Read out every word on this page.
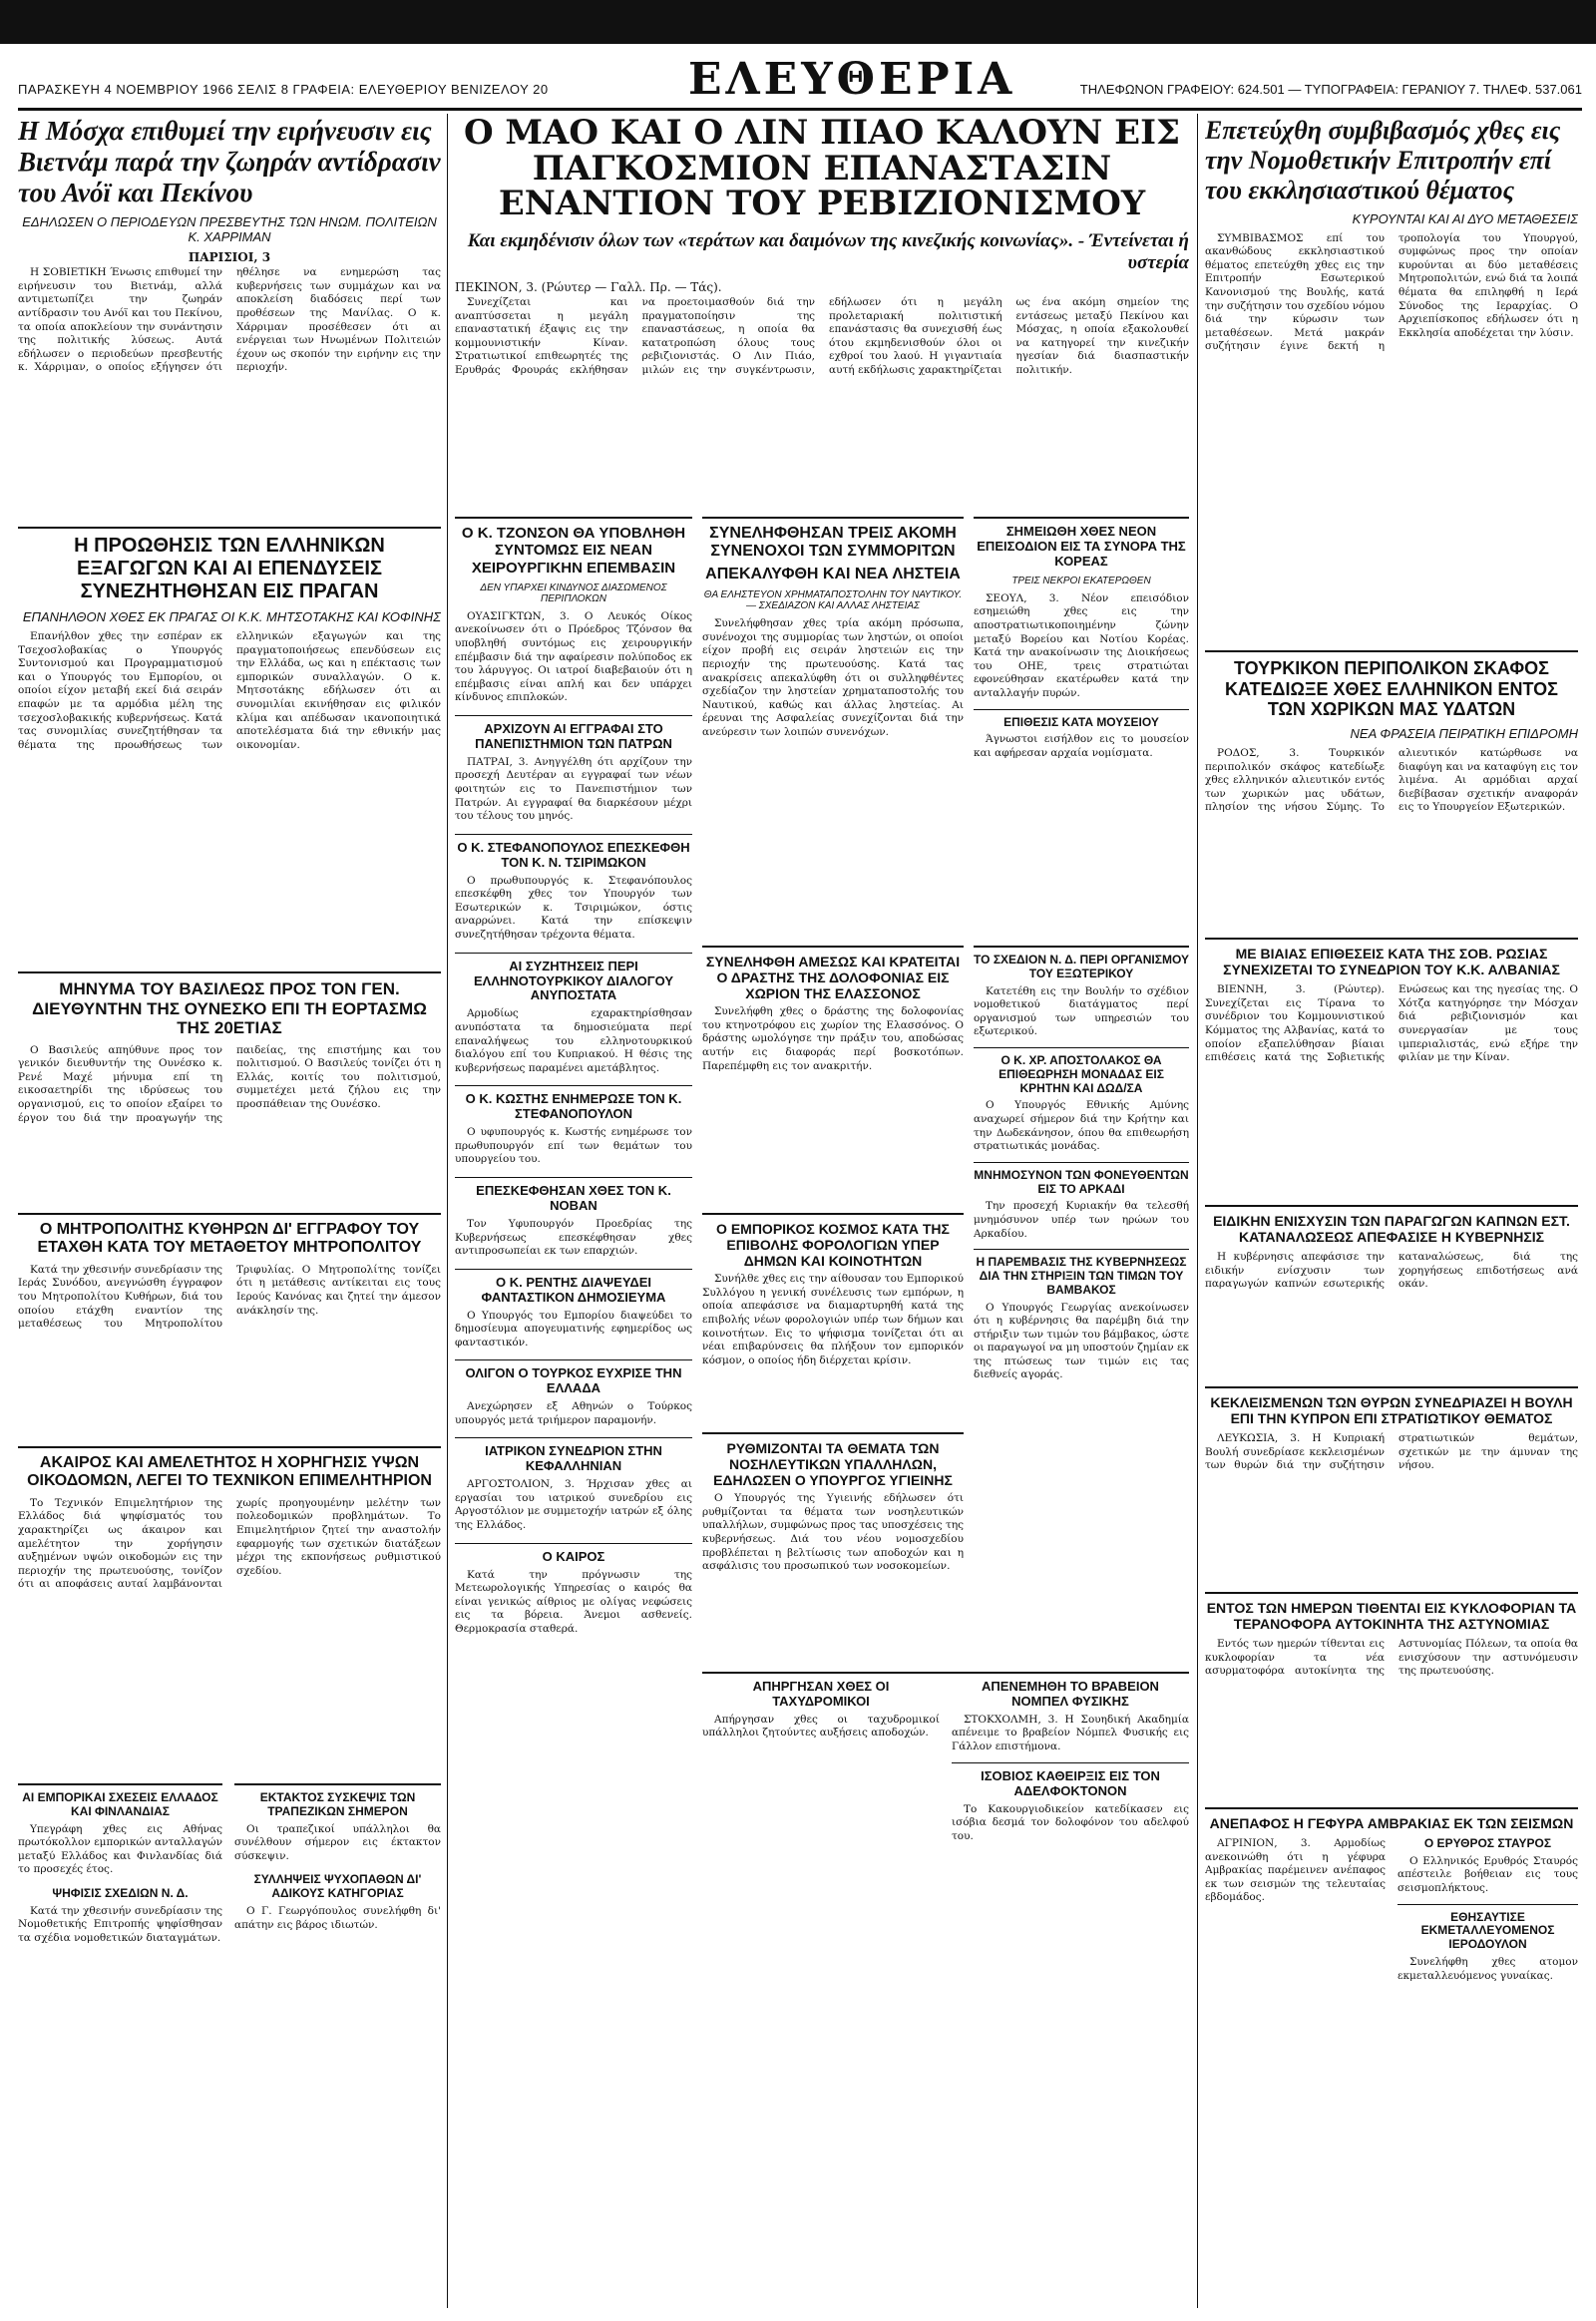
ΠΑΡΑΣΚΕΥΗ 4 ΝΟΕΜΒΡΙΟΥ 1966 ΣΕΛΙΣ 8 ΓΡΑΦΕΙΑ: ΕΛΕΥΘΕΡΙΟΥ ΒΕΝΙΖΕΛΟΥ 20	ΕΛΕΥΘΕΡΙΑ	ΤΗΛΕΦΩΝΟΝ ΓΡΑΦΕΙΟΥ: 624.501 — ΤΥΠΟΓΡΑΦΕΙΑ: ΓΕΡΑΝΙΟΥ 7. ΤΗΛΕΦ. 537.061
Η Μόσχα επιθυμεί την ειρήνευσιν εις Βιετνάμ παρά την ζωηράν αντίδρασιν του Ανόϊ και Πεκίνου
ΕΔΗΛΩΣΕΝ Ο ΠΕΡΙΟΔΕΥΩΝ ΠΡΕΣΒΕΥΤΗΣ ΤΩΝ ΗΝΩΜ. ΠΟΛΙΤΕΙΩΝ Κ. ΧΑΡΡΙΜΑΝ
ΠΑΡΙΣΙΟΙ, 3

Η ΣΟΒΙΕΤΙΚΗ Ένωσις επιθυμεί την ειρήνευσιν του Βιετνάμ, αλλά αντιμετωπίζει την ζωηράν αντίδρασιν του Ανόϊ και του Πεκίνου, τα οποία αποκλείουν την συνάντησιν της πολιτικής λύσεως. Αυτά εδήλωσεν ο περιοδεύων πρεσβευτής κ. Χάρριμαν, ο οποίος εξήγησεν ότι ηθέλησε να ενημερώση τας κυβερνήσεις των συμμάχων και να αποκλείση διαδόσεις περί των προθέσεων της Μανίλας. Ο κ. Χάρριμαν προσέθεσεν ότι αι ενέργειαι των Ηνωμένων Πολιτειών έχουν ως σκοπόν την ειρήνην εις την περιοχήν.

Η ΠΡΟΩΘΗΣΙΣ ΤΩΝ ΕΛΛΗΝΙΚΩΝ ΕΞΑΓΩΓΩΝ ΚΑΙ ΑΙ ΕΠΕΝΔΥΣΕΙΣ ΣΥΝΕΖΗΤΗΘΗΣΑΝ ΕΙΣ ΠΡΑΓΑΝ
ΕΠΑΝΗΛΘΟΝ ΧΘΕΣ ΕΚ ΠΡΑΓΑΣ ΟΙ Κ.Κ. ΜΗΤΣΟΤΑΚΗΣ ΚΑΙ ΚΟΦΙΝΗΣ

Επανήλθον χθες την εσπέραν εκ Τσεχοσλοβακίας ο Υπουργός Συντονισμού και Προγραμματισμού και ο Υπουργός του Εμπορίου, οι οποίοι είχον μεταβή εκεί διά σειράν επαφών με τα αρμόδια μέλη της τσεχοσλοβακικής κυβερνήσεως. Κατά τας συνομιλίας συνεζητήθησαν τα θέματα της προωθήσεως των ελληνικών εξαγωγών και της πραγματοποιήσεως επενδύσεων εις την Ελλάδα, ως και η επέκτασις των εμπορικών συναλλαγών. Ο κ. Μητσοτάκης εδήλωσεν ότι αι συνομιλίαι εκινήθησαν εις φιλικόν κλίμα και απέδωσαν ικανοποιητικά αποτελέσματα διά την εθνικήν μας οικονομίαν.

ΜΗΝΥΜΑ ΤΟΥ ΒΑΣΙΛΕΩΣ ΠΡΟΣ ΤΟΝ ΓΕΝ. ΔΙΕΥΘΥΝΤΗΝ ΤΗΣ ΟΥΝΕΣΚΟ ΕΠΙ ΤΗ ΕΟΡΤΑΣΜΩ ΤΗΣ 20ΕΤΙΑΣ

Ο Βασιλεύς απηύθυνε προς τον γενικόν διευθυντήν της Ουνέσκο κ. Ρενέ Μαχέ μήνυμα επί τη εικοσαετηρίδι της ιδρύσεως του οργανισμού, εις το οποίον εξαίρει το έργον του διά την προαγωγήν της παιδείας, της επιστήμης και του πολιτισμού. Ο Βασιλεύς τονίζει ότι η Ελλάς, κοιτίς του πολιτισμού, συμμετέχει μετά ζήλου εις την προσπάθειαν της Ουνέσκο.

Ο ΜΗΤΡΟΠΟΛΙΤΗΣ ΚΥΘΗΡΩΝ ΔΙ' ΕΓΓΡΑΦΟΥ ΤΟΥ ΕΤΑΧΘΗ ΚΑΤΑ ΤΟΥ ΜΕΤΑΘΕΤΟΥ ΜΗΤΡΟΠΟΛΙΤΟΥ

Κατά την χθεσινήν συνεδρίασιν της Ιεράς Συνόδου, ανεγνώσθη έγγραφον του Μητροπολίτου Κυθήρων, διά του οποίου ετάχθη εναντίον της μεταθέσεως του Μητροπολίτου Τριφυλίας. Ο Μητροπολίτης τονίζει ότι η μετάθεσις αντίκειται εις τους Ιερούς Κανόνας και ζητεί την άμεσον ανάκλησίν της.

ΑΚΑΙΡΟΣ ΚΑΙ ΑΜΕΛΕΤΗΤΟΣ Η ΧΟΡΗΓΗΣΙΣ ΥΨΩΝ ΟΙΚΟΔΟΜΩΝ, ΛΕΓΕΙ ΤΟ ΤΕΧΝΙΚΟΝ ΕΠΙΜΕΛΗΤΗΡΙΟΝ

Το Τεχνικόν Επιμελητήριον της Ελλάδος διά ψηφίσματός του χαρακτηρίζει ως άκαιρον και αμελέτητον την χορήγησιν αυξημένων υψών οικοδομών εις την περιοχήν της πρωτευούσης, τονίζον ότι αι αποφάσεις αυταί λαμβάνονται χωρίς προηγουμένην μελέτην των πολεοδομικών προβλημάτων. Το Επιμελητήριον ζητεί την αναστολήν εφαρμογής των σχετικών διατάξεων μέχρι της εκπονήσεως ρυθμιστικού σχεδίου.

ΑΙ ΕΜΠΟΡΙΚΑΙ ΣΧΕΣΕΙΣ ΕΛΛΑΔΟΣ ΚΑΙ ΦΙΝΛΑΝΔΙΑΣ

Υπεγράφη χθες εις Αθήνας πρωτόκολλον εμπορικών ανταλλαγών μεταξύ Ελλάδος και Φινλανδίας διά το προσεχές έτος.

ΨΗΦΙΣΙΣ ΣΧΕΔΙΩΝ Ν. Δ.

Κατά την χθεσινήν συνεδρίασιν της Νομοθετικής Επιτροπής ψηφίσθησαν τα σχέδια νομοθετικών διαταγμάτων.

ΕΚΤΑΚΤΟΣ ΣΥΣΚΕΨΙΣ ΤΩΝ ΤΡΑΠΕΖΙΚΩΝ ΣΗΜΕΡΟΝ

Οι τραπεζικοί υπάλληλοι θα συνέλθουν σήμερον εις έκτακτον σύσκεψιν.

ΣΥΛΛΗΨΕΙΣ ΨΥΧΟΠΑΘΩΝ ΔΙ' ΑΔΙΚΟΥΣ ΚΑΤΗΓΟΡΙΑΣ

Ο Γ. Γεωργόπουλος συνελήφθη δι' απάτην εις βάρος ιδιωτών.

Ο ΜΑΟ ΚΑΙ Ο ΛΙΝ ΠΙΑΟ ΚΑΛΟΥΝ ΕΙΣ ΠΑΓΚΟΣΜΙΟΝ ΕΠΑΝΑΣΤΑΣΙΝ ΕΝΑΝΤΙΟΝ ΤΟΥ ΡΕΒΙΖΙΟΝΙΣΜΟΥ
Και εκμηδένισιν όλων των «τεράτων και δαιμόνων της κινεζικής κοινωνίας». - Έντείνεται ή υστερία
ΠΕΚΙΝΟΝ, 3. (Ρώυτερ — Γαλλ. Πρ. — Τάς).

Συνεχίζεται και αναπτύσσεται η μεγάλη επαναστατική έξαψις εις την κομμουνιστικήν Κίναν. Στρατιωτικοί επιθεωρητές της Ερυθράς Φρουράς εκλήθησαν να προετοιμασθούν διά την πραγματοποίησιν της επαναστάσεως, η οποία θα κατατροπώση όλους τους ρεβιζιονιστάς. Ο Λιν Πιάο, μιλών εις την συγκέντρωσιν, εδήλωσεν ότι η μεγάλη προλεταριακή πολιτιστική επανάστασις θα συνεχισθή έως ότου εκμηδενισθούν όλοι οι εχθροί του λαού. Η γιγαντιαία αυτή εκδήλωσις χαρακτηρίζεται ως ένα ακόμη σημείον της εντάσεως μεταξύ Πεκίνου και Μόσχας, η οποία εξακολουθεί να κατηγορεί την κινεζικήν ηγεσίαν διά διασπαστικήν πολιτικήν.

Ο Κ. ΤΖΟΝΣΟΝ ΘΑ ΥΠΟΒΛΗΘΗ ΣΥΝΤΟΜΩΣ ΕΙΣ ΝΕΑΝ ΧΕΙΡΟΥΡΓΙΚΗΝ ΕΠΕΜΒΑΣΙΝ
ΔΕΝ ΥΠΑΡΧΕΙ ΚΙΝΔΥΝΟΣ ΔΙΑΣΩΜΕΝΟΣ ΠΕΡΙΠΛΟΚΩΝ

ΟΥΑΣΙΓΚΤΩΝ, 3. Ο Λευκός Οίκος ανεκοίνωσεν ότι ο Πρόεδρος Τζόνσον θα υποβληθή συντόμως εις χειρουργικήν επέμβασιν διά την αφαίρεσιν πολύποδος εκ του λάρυγγος. Οι ιατροί διαβεβαιούν ότι η επέμβασις είναι απλή και δεν υπάρχει κίνδυνος επιπλοκών.

ΑΡΧΙΖΟΥΝ ΑΙ ΕΓΓΡΑΦΑΙ ΣΤΟ ΠΑΝΕΠΙΣΤΗΜΙΟΝ ΤΩΝ ΠΑΤΡΩΝ

ΠΑΤΡΑΙ, 3. Ανηγγέλθη ότι αρχίζουν την προσεχή Δευτέραν αι εγγραφαί των νέων φοιτητών εις το Πανεπιστήμιον των Πατρών. Αι εγγραφαί θα διαρκέσουν μέχρι του τέλους του μηνός.

Ο Κ. ΣΤΕΦΑΝΟΠΟΥΛΟΣ ΕΠΕΣΚΕΦΘΗ ΤΟΝ Κ. Ν. ΤΣΙΡΙΜΩΚΟΝ

Ο πρωθυπουργός κ. Στεφανόπουλος επεσκέφθη χθες τον Υπουργόν των Εσωτερικών κ. Τσιριμώκον, όστις αναρρώνει. Κατά την επίσκεψιν συνεζητήθησαν τρέχοντα θέματα.

ΑΙ ΣΥΖΗΤΗΣΕΙΣ ΠΕΡΙ ΕΛΛΗΝΟΤΟΥΡΚΙΚΟΥ ΔΙΑΛΟΓΟΥ ΑΝΥΠΟΣΤΑΤΑ

Αρμοδίως εχαρακτηρίσθησαν ανυπόστατα τα δημοσιεύματα περί επαναλήψεως του ελληνοτουρκικού διαλόγου επί του Κυπριακού. Η θέσις της κυβερνήσεως παραμένει αμετάβλητος.

Ο Κ. ΚΩΣΤΗΣ ΕΝΗΜΕΡΩΣΕ ΤΟΝ Κ. ΣΤΕΦΑΝΟΠΟΥΛΟΝ

Ο υφυπουργός κ. Κωστής ενημέρωσε τον πρωθυπουργόν επί των θεμάτων του υπουργείου του.

ΕΠΕΣΚΕΦΘΗΣΑΝ ΧΘΕΣ ΤΟΝ Κ. ΝΟΒΑΝ

Τον Υφυπουργόν Προεδρίας της Κυβερνήσεως επεσκέφθησαν χθες αντιπροσωπείαι εκ των επαρχιών.

Ο Κ. ΡΕΝΤΗΣ ΔΙΑΨΕΥΔΕΙ ΦΑΝΤΑΣΤΙΚΟΝ ΔΗΜΟΣΙΕΥΜΑ

Ο Υπουργός του Εμπορίου διαψεύδει το δημοσίευμα απογευματινής εφημερίδος ως φανταστικόν.

ΟΛΙΓΟΝ Ο ΤΟΥΡΚΟΣ ΕΥΧΡΙΣΕ ΤΗΝ ΕΛΛΑΔΑ

Ανεχώρησεν εξ Αθηνών ο Τούρκος υπουργός μετά τριήμερον παραμονήν.

ΙΑΤΡΙΚΟΝ ΣΥΝΕΔΡΙΟΝ ΣΤΗΝ ΚΕΦΑΛΛΗΝΙΑΝ

ΑΡΓΟΣΤΟΛΙΟΝ, 3. Ήρχισαν χθες αι εργασίαι του ιατρικού συνεδρίου εις Αργοστόλιον με συμμετοχήν ιατρών εξ όλης της Ελλάδος.

Ο ΚΑΙΡΟΣ

Κατά την πρόγνωσιν της Μετεωρολογικής Υπηρεσίας ο καιρός θα είναι γενικώς αίθριος με ολίγας νεφώσεις εις τα βόρεια. Άνεμοι ασθενείς. Θερμοκρασία σταθερά.

ΣΥΝΕΛΗΦΘΗΣΑΝ ΤΡΕΙΣ ΑΚΟΜΗ ΣΥΝΕΝΟΧΟΙ ΤΩΝ ΣΥΜΜΟΡΙΤΩΝ
ΑΠΕΚΑΛΥΦΘΗ ΚΑΙ ΝΕΑ ΛΗΣΤΕΙΑ
ΘΑ ΕΛΗΣΤΕΥΟΝ ΧΡΗΜΑΤΑΠΟΣΤΟΛΗΝ ΤΟΥ ΝΑΥΤΙΚΟΥ. — ΣΧΕΔΙΑΖΟΝ ΚΑΙ ΑΛΛΑΣ ΛΗΣΤΕΙΑΣ

Συνελήφθησαν χθες τρία ακόμη πρόσωπα, συνένοχοι της συμμορίας των ληστών, οι οποίοι είχον προβή εις σειράν ληστειών εις την περιοχήν της πρωτευούσης. Κατά τας ανακρίσεις απεκαλύφθη ότι οι συλληφθέντες σχεδίαζον την ληστείαν χρηματαποστολής του Ναυτικού, καθώς και άλλας ληστείας. Αι έρευναι της Ασφαλείας συνεχίζονται διά την ανεύρεσιν των λοιπών συνενόχων.

ΣΗΜΕΙΩΘΗ ΧΘΕΣ ΝΕΟΝ ΕΠΕΙΣΟΔΙΟΝ ΕΙΣ ΤΑ ΣΥΝΟΡΑ ΤΗΣ ΚΟΡΕΑΣ
ΤΡΕΙΣ ΝΕΚΡΟΙ ΕΚΑΤΕΡΩΘΕΝ

ΣΕΟΥΛ, 3. Νέον επεισόδιον εσημειώθη χθες εις την αποστρατιωτικοποιημένην ζώνην μεταξύ Βορείου και Νοτίου Κορέας. Κατά την ανακοίνωσιν της Διοικήσεως του ΟΗΕ, τρεις στρατιώται εφονεύθησαν εκατέρωθεν κατά την ανταλλαγήν πυρών.

ΕΠΙΘΕΣΙΣ ΚΑΤΑ ΜΟΥΣΕΙΟΥ

Άγνωστοι εισήλθον εις το μουσείον και αφήρεσαν αρχαία νομίσματα.

ΣΥΝΕΛΗΦΘΗ ΑΜΕΣΩΣ ΚΑΙ ΚΡΑΤΕΙΤΑΙ Ο ΔΡΑΣΤΗΣ ΤΗΣ ΔΟΛΟΦΟΝΙΑΣ ΕΙΣ ΧΩΡΙΟΝ ΤΗΣ ΕΛΑΣΣΟΝΟΣ

Συνελήφθη χθες ο δράστης της δολοφονίας του κτηνοτρόφου εις χωρίον της Ελασσόνος. Ο δράστης ωμολόγησε την πράξιν του, αποδώσας αυτήν εις διαφοράς περί βοσκοτόπων. Παρεπέμφθη εις τον ανακριτήν.

ΤΟ ΣΧΕΔΙΟΝ Ν. Δ. ΠΕΡΙ ΟΡΓΑΝΙΣΜΟΥ ΤΟΥ ΕΞΩΤΕΡΙΚΟΥ

Κατετέθη εις την Βουλήν το σχέδιον νομοθετικού διατάγματος περί οργανισμού των υπηρεσιών του εξωτερικού.

Ο Κ. ΧΡ. ΑΠΟΣΤΟΛΑΚΟΣ ΘΑ ΕΠΙΘΕΩΡΗΣΗ ΜΟΝΑΔΑΣ ΕΙΣ ΚΡΗΤΗΝ ΚΑΙ ΔΩΔ/ΣΑ

Ο Υπουργός Εθνικής Αμύνης αναχωρεί σήμερον διά την Κρήτην και την Δωδεκάνησον, όπου θα επιθεωρήση στρατιωτικάς μονάδας.

ΜΝΗΜΟΣΥΝΟΝ ΤΩΝ ΦΟΝΕΥΘΕΝΤΩΝ ΕΙΣ ΤΟ ΑΡΚΑΔΙ

Την προσεχή Κυριακήν θα τελεσθή μνημόσυνον υπέρ των ηρώων του Αρκαδίου.

Η ΠΑΡΕΜΒΑΣΙΣ ΤΗΣ ΚΥΒΕΡΝΗΣΕΩΣ ΔΙΑ ΤΗΝ ΣΤΗΡΙΞΙΝ ΤΩΝ ΤΙΜΩΝ ΤΟΥ ΒΑΜΒΑΚΟΣ

Ο Υπουργός Γεωργίας ανεκοίνωσεν ότι η κυβέρνησις θα παρέμβη διά την στήριξιν των τιμών του βάμβακος, ώστε οι παραγωγοί να μη υποστούν ζημίαν εκ της πτώσεως των τιμών εις τας διεθνείς αγοράς.

Ο ΕΜΠΟΡΙΚΟΣ ΚΟΣΜΟΣ ΚΑΤΑ ΤΗΣ ΕΠΙΒΟΛΗΣ ΦΟΡΟΛΟΓΙΩΝ ΥΠΕΡ ΔΗΜΩΝ ΚΑΙ ΚΟΙΝΟΤΗΤΩΝ

Συνήλθε χθες εις την αίθουσαν του Εμπορικού Συλλόγου η γενική συνέλευσις των εμπόρων, η οποία απεφάσισε να διαμαρτυρηθή κατά της επιβολής νέων φορολογιών υπέρ των δήμων και κοινοτήτων. Εις το ψήφισμα τονίζεται ότι αι νέαι επιβαρύνσεις θα πλήξουν τον εμπορικόν κόσμον, ο οποίος ήδη διέρχεται κρίσιν.

ΡΥΘΜΙΖΟΝΤΑΙ ΤΑ ΘΕΜΑΤΑ ΤΩΝ ΝΟΣΗΛΕΥΤΙΚΩΝ ΥΠΑΛΛΗΛΩΝ, ΕΔΗΛΩΣΕΝ Ο ΥΠΟΥΡΓΟΣ ΥΓΙΕΙΝΗΣ

Ο Υπουργός της Υγιεινής εδήλωσεν ότι ρυθμίζονται τα θέματα των νοσηλευτικών υπαλλήλων, συμφώνως προς τας υποσχέσεις της κυβερνήσεως. Διά του νέου νομοσχεδίου προβλέπεται η βελτίωσις των αποδοχών και η ασφάλισις του προσωπικού των νοσοκομείων.

ΑΠΗΡΓΗΣΑΝ ΧΘΕΣ ΟΙ ΤΑΧΥΔΡΟΜΙΚΟΙ

Απήργησαν χθες οι ταχυδρομικοί υπάλληλοι ζητούντες αυξήσεις αποδοχών.

ΑΠΕΝΕΜΗΘΗ ΤΟ ΒΡΑΒΕΙΟΝ ΝΟΜΠΕΛ ΦΥΣΙΚΗΣ

ΣΤΟΚΧΟΛΜΗ, 3. Η Σουηδική Ακαδημία απένειμε το βραβείον Νόμπελ Φυσικής εις Γάλλον επιστήμονα.

ΙΣΟΒΙΟΣ ΚΑΘΕΙΡΞΙΣ ΕΙΣ ΤΟΝ ΑΔΕΛΦΟΚΤΟΝΟΝ

Το Κακουργιοδικείον κατεδίκασεν εις ισόβια δεσμά τον δολοφόνον του αδελφού του.

Επετεύχθη συμβιβασμός χθες εις την Νομοθετικήν Επιτροπήν επί του εκκλησιαστικού θέματος
ΚΥΡΟΥΝΤΑΙ ΚΑΙ ΑΙ ΔΥΟ ΜΕΤΑΘΕΣΕΙΣ

ΣΥΜΒΙΒΑΣΜΟΣ επί του ακανθώδους εκκλησιαστικού θέματος επετεύχθη χθες εις την Επιτροπήν Εσωτερικού Κανονισμού της Βουλής, κατά την συζήτησιν του σχεδίου νόμου διά την κύρωσιν των μεταθέσεων. Μετά μακράν συζήτησιν έγινε δεκτή η τροπολογία του Υπουργού, συμφώνως προς την οποίαν κυρούνται αι δύο μεταθέσεις Μητροπολιτών, ενώ διά τα λοιπά θέματα θα επιληφθή η Ιερά Σύνοδος της Ιεραρχίας. Ο Αρχιεπίσκοπος εδήλωσεν ότι η Εκκλησία αποδέχεται την λύσιν.

ΤΟΥΡΚΙΚΟΝ ΠΕΡΙΠΟΛΙΚΟΝ ΣΚΑΦΟΣ ΚΑΤΕΔΙΩΞΕ ΧΘΕΣ ΕΛΛΗΝΙΚΟΝ ΕΝΤΟΣ ΤΩΝ ΧΩΡΙΚΩΝ ΜΑΣ ΥΔΑΤΩΝ
ΝΕΑ ΦΡΑΣΕΙΑ ΠΕΙΡΑΤΙΚΗ ΕΠΙΔΡΟΜΗ

ΡΟΔΟΣ, 3. Τουρκικόν περιπολικόν σκάφος κατεδίωξε χθες ελληνικόν αλιευτικόν εντός των χωρικών μας υδάτων, πλησίον της νήσου Σύμης. Το αλιευτικόν κατώρθωσε να διαφύγη και να καταφύγη εις τον λιμένα. Αι αρμόδιαι αρχαί διεβίβασαν σχετικήν αναφοράν εις το Υπουργείον Εξωτερικών.

ΜΕ ΒΙΑΙΑΣ ΕΠΙΘΕΣΕΙΣ ΚΑΤΑ ΤΗΣ ΣΟΒ. ΡΩΣΙΑΣ ΣΥΝΕΧΙΖΕΤΑΙ ΤΟ ΣΥΝΕΔΡΙΟΝ ΤΟΥ Κ.Κ. ΑΛΒΑΝΙΑΣ

ΒΙΕΝΝΗ, 3. (Ρώυτερ). Συνεχίζεται εις Τίρανα το συνέδριον του Κομμουνιστικού Κόμματος της Αλβανίας, κατά το οποίον εξαπελύθησαν βίαιαι επιθέσεις κατά της Σοβιετικής Ενώσεως και της ηγεσίας της. Ο Χότζα κατηγόρησε την Μόσχαν διά ρεβιζιονισμόν και συνεργασίαν με τους ιμπεριαλιστάς, ενώ εξήρε την φιλίαν με την Κίναν.

ΕΙΔΙΚΗΝ ΕΝΙΣΧΥΣΙΝ ΤΩΝ ΠΑΡΑΓΩΓΩΝ ΚΑΠΝΩΝ ΕΣΤ. ΚΑΤΑΝΑΛΩΣΕΩΣ ΑΠΕΦΑΣΙΣΕ Η ΚΥΒΕΡΝΗΣΙΣ

Η κυβέρνησις απεφάσισε την ειδικήν ενίσχυσιν των παραγωγών καπνών εσωτερικής καταναλώσεως, διά της χορηγήσεως επιδοτήσεως ανά οκάν.

ΚΕΚΛΕΙΣΜΕΝΩΝ ΤΩΝ ΘΥΡΩΝ ΣΥΝΕΔΡΙΑΖΕΙ Η ΒΟΥΛΗ ΕΠΙ ΤΗΝ ΚΥΠΡΟΝ ΕΠΙ ΣΤΡΑΤΙΩΤΙΚΟΥ ΘΕΜΑΤΟΣ

ΛΕΥΚΩΣΙΑ, 3. Η Κυπριακή Βουλή συνεδρίασε κεκλεισμένων των θυρών διά την συζήτησιν στρατιωτικών θεμάτων, σχετικών με την άμυναν της νήσου.

ΕΝΤΟΣ ΤΩΝ ΗΜΕΡΩΝ ΤΙΘΕΝΤΑΙ ΕΙΣ ΚΥΚΛΟΦΟΡΙΑΝ ΤΑ ΤΕΡΑΝΟΦΟΡΑ ΑΥΤΟΚΙΝΗΤΑ ΤΗΣ ΑΣΤΥΝΟΜΙΑΣ

Εντός των ημερών τίθενται εις κυκλοφορίαν τα νέα ασυρματοφόρα αυτοκίνητα της Αστυνομίας Πόλεων, τα οποία θα ενισχύσουν την αστυνόμευσιν της πρωτευούσης.

ΑΝΕΠΑΦΟΣ Η ΓΕΦΥΡΑ ΑΜΒΡΑΚΙΑΣ ΕΚ ΤΩΝ ΣΕΙΣΜΩΝ

ΑΓΡΙΝΙΟΝ, 3. Αρμοδίως ανεκοινώθη ότι η γέφυρα Αμβρακίας παρέμεινεν ανέπαφος εκ των σεισμών της τελευταίας εβδομάδος.

Ο ΕΡΥΘΡΟΣ ΣΤΑΥΡΟΣ

Ο Ελληνικός Ερυθρός Σταυρός απέστειλε βοήθειαν εις τους σεισμοπλήκτους.

ΕΘΗΣΑΥΤΙΣΕ ΕΚΜΕΤΑΛΛΕΥΟΜΕΝΟΣ ΙΕΡΟΔΟΥΛΟΝ

Συνελήφθη χθες ατομον εκμεταλλευόμενος γυναίκας.
